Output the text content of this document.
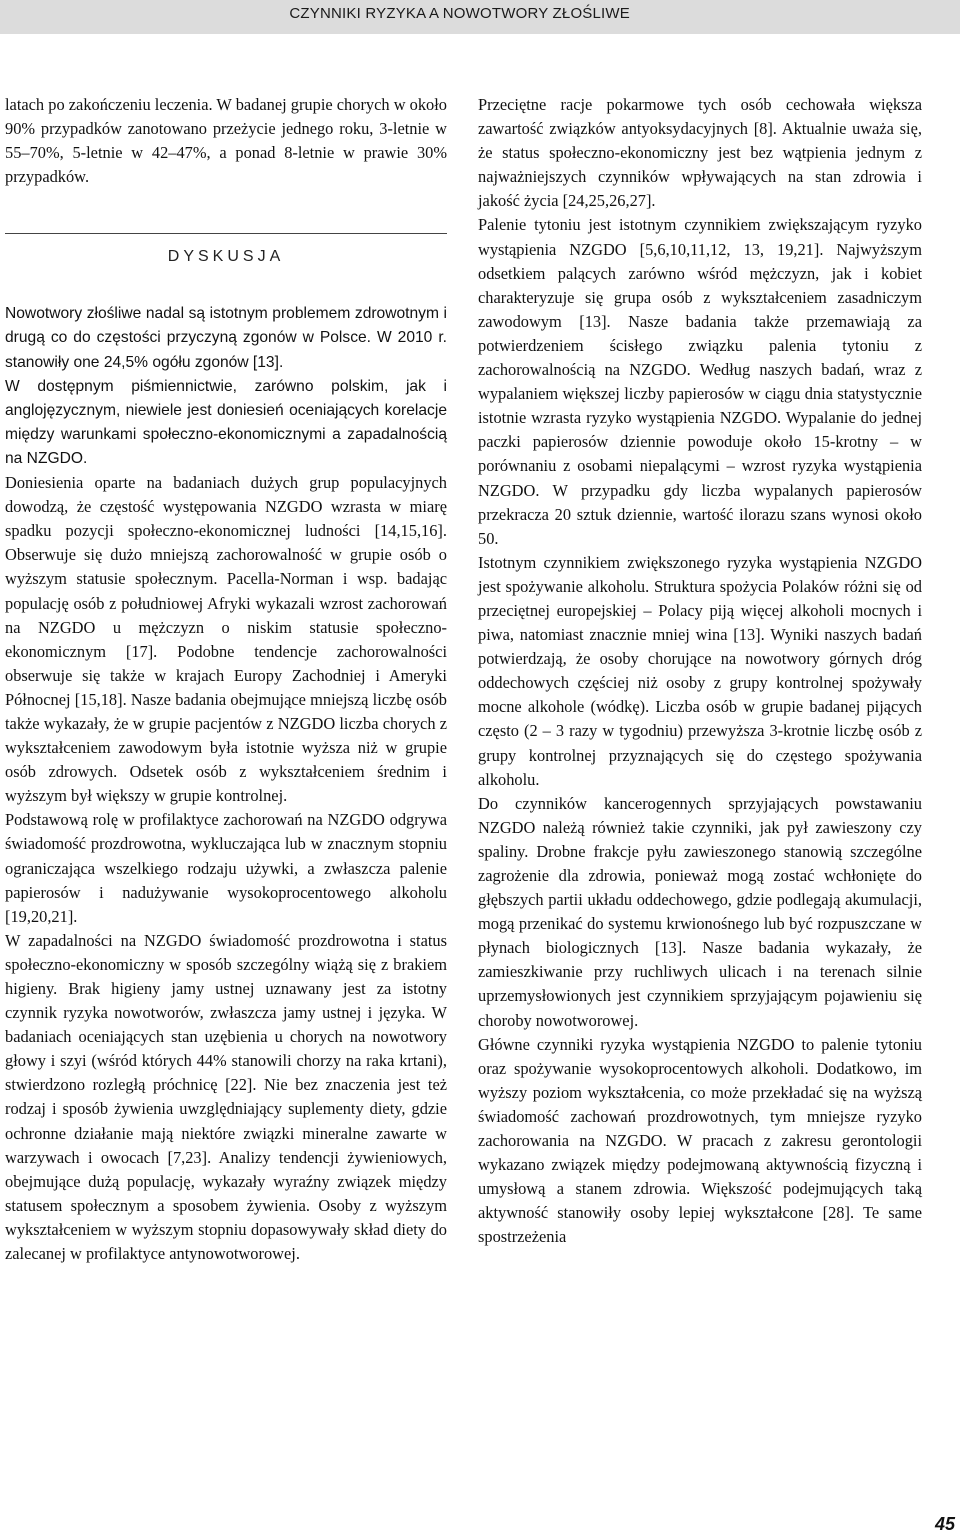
CZYNNIKI RYZYKA A NOWOTWORY ZŁOŚLIWE

latach po zakończeniu leczenia. W badanej grupie chorych w około 90% przypadków zanotowano przeżycie jednego roku, 3-letnie w 55–70%, 5-letnie w 42–47%, a ponad 8-letnie w prawie 30% przypadków.

DYSKUSJA

Nowotwory złośliwe nadal są istotnym problemem zdrowotnym i drugą co do częstości przyczyną zgonów w Polsce. W 2010 r. stanowiły one 24,5% ogółu zgonów [13].

W dostępnym piśmiennictwie, zarówno polskim, jak i anglojęzycznym, niewiele jest doniesień oceniających korelacje między warunkami społeczno-ekonomicznymi a zapadalnością na NZGDO.

Doniesienia oparte na badaniach dużych grup populacyjnych dowodzą, że częstość występowania NZGDO wzrasta w miarę spadku pozycji społeczno-ekonomicznej ludności [14,15,16]. Obserwuje się dużo mniejszą zachorowalność w grupie osób o wyższym statusie społecznym. Pacella-Norman i wsp. badając populację osób z południowej Afryki wykazali wzrost zachorowań na NZGDO u mężczyzn o niskim statusie społeczno-ekonomicznym [17]. Podobne tendencje zachorowalności obserwuje się także w krajach Europy Zachodniej i Ameryki Północnej [15,18]. Nasze badania obejmujące mniejszą liczbę osób także wykazały, że w grupie pacjentów z NZGDO liczba chorych z wykształceniem zawodowym była istotnie wyższa niż w grupie osób zdrowych. Odsetek osób z wykształceniem średnim i wyższym był większy w grupie kontrolnej.

Podstawową rolę w profilaktyce zachorowań na NZGDO odgrywa świadomość prozdrowotna, wykluczająca lub w znacznym stopniu ograniczająca wszelkiego rodzaju używki, a zwłaszcza palenie papierosów i nadużywanie wysokoprocentowego alkoholu [19,20,21].

W zapadalności na NZGDO świadomość prozdrowotna i status społeczno-ekonomiczny w sposób szczególny wiążą się z brakiem higieny. Brak higieny jamy ustnej uznawany jest za istotny czynnik ryzyka nowotworów, zwłaszcza jamy ustnej i języka. W badaniach oceniających stan uzębienia u chorych na nowotwory głowy i szyi (wśród których 44% stanowili chorzy na raka krtani), stwierdzono rozległą próchnicę [22]. Nie bez znaczenia jest też rodzaj i sposób żywienia uwzględniający suplementy diety, gdzie ochronne działanie mają niektóre związki mineralne zawarte w warzywach i owocach [7,23]. Analizy tendencji żywieniowych, obejmujące dużą populację, wykazały wyraźny związek między statusem społecznym a sposobem żywienia. Osoby z wyższym wykształceniem w wyższym stopniu dopasowywały skład diety do zalecanej w profilaktyce antynowotworowej.

Przeciętne racje pokarmowe tych osób cechowała większa zawartość związków antyoksydacyjnych [8]. Aktualnie uważa się, że status społeczno-ekonomiczny jest bez wątpienia jednym z najważniejszych czynników wpływających na stan zdrowia i jakość życia [24,25,26,27].

Palenie tytoniu jest istotnym czynnikiem zwiększającym ryzyko wystąpienia NZGDO [5,6,10,11,12, 13, 19,21]. Najwyższym odsetkiem palących zarówno wśród mężczyzn, jak i kobiet charakteryzuje się grupa osób z wykształceniem zasadniczym zawodowym [13]. Nasze badania także przemawiają za potwierdzeniem ścisłego związku palenia tytoniu z zachorowalnością na NZGDO. Według naszych badań, wraz z wypalaniem większej liczby papierosów w ciągu dnia statystycznie istotnie wzrasta ryzyko wystąpienia NZGDO. Wypalanie do jednej paczki papierosów dziennie powoduje około 15-krotny – w porównaniu z osobami niepalącymi – wzrost ryzyka wystąpienia NZGDO. W przypadku gdy liczba wypalanych papierosów przekracza 20 sztuk dziennie, wartość ilorazu szans wynosi około 50.

Istotnym czynnikiem zwiększonego ryzyka wystąpienia NZGDO jest spożywanie alkoholu. Struktura spożycia Polaków różni się od przeciętnej europejskiej – Polacy piją więcej alkoholi mocnych i piwa, natomiast znacznie mniej wina [13]. Wyniki naszych badań potwierdzają, że osoby chorujące na nowotwory górnych dróg oddechowych częściej niż osoby z grupy kontrolnej spożywały mocne alkohole (wódkę). Liczba osób w grupie badanej pijących często (2 – 3 razy w tygodniu) przewyższa 3-krotnie liczbę osób z grupy kontrolnej przyznających się do częstego spożywania alkoholu.

Do czynników kancerogennych sprzyjających powstawaniu NZGDO należą również takie czynniki, jak pył zawieszony czy spaliny. Drobne frakcje pyłu zawieszonego stanowią szczególne zagrożenie dla zdrowia, ponieważ mogą zostać wchłonięte do głębszych partii układu oddechowego, gdzie podlegają akumulacji, mogą przenikać do systemu krwionośnego lub być rozpuszczane w płynach biologicznych [13]. Nasze badania wykazały, że zamieszkiwanie przy ruchliwych ulicach i na terenach silnie uprzemysłowionych jest czynnikiem sprzyjającym pojawieniu się choroby nowotworowej.

Główne czynniki ryzyka wystąpienia NZGDO to palenie tytoniu oraz spożywanie wysokoprocentowych alkoholi. Dodatkowo, im wyższy poziom wykształcenia, co może przekładać się na wyższą świadomość zachowań prozdrowotnych, tym mniejsze ryzyko zachorowania na NZGDO. W pracach z zakresu gerontologii wykazano związek między podejmowaną aktywnością fizyczną i umysłową a stanem zdrowia. Większość podejmujących taką aktywność stanowiły osoby lepiej wykształcone [28]. Te same spostrzeżenia

45
